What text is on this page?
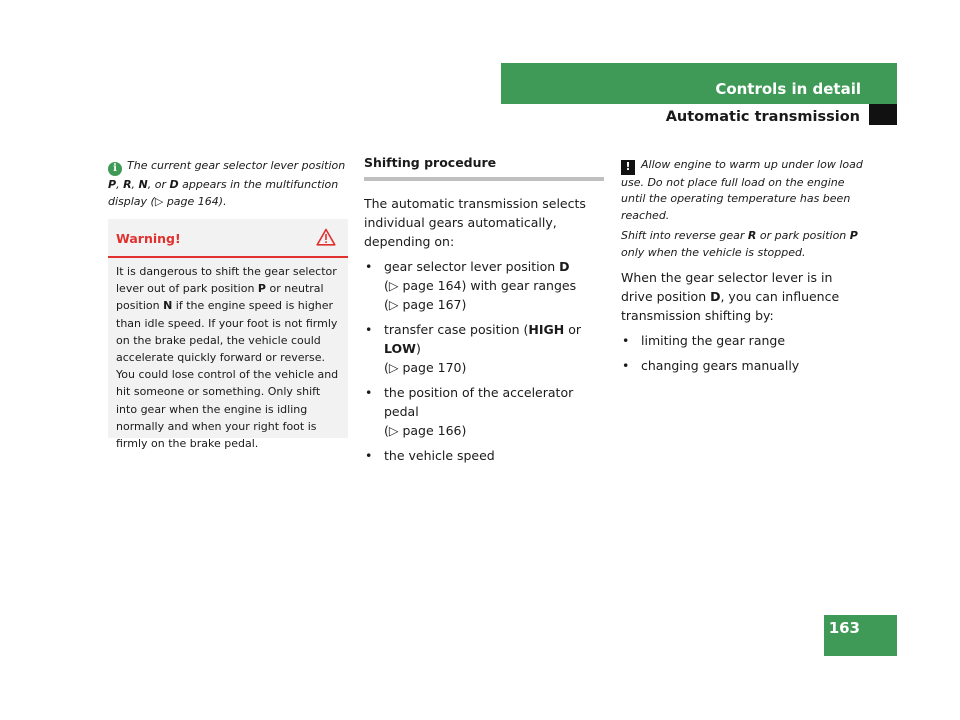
Controls in detail
Automatic transmission
i The current gear selector lever position P, R, N, or D appears in the multifunction display (▷ page 164).
Warning!
It is dangerous to shift the gear selector lever out of park position P or neutral position N if the engine speed is higher than idle speed. If your foot is not firmly on the brake pedal, the vehicle could accelerate quickly forward or reverse. You could lose control of the vehicle and hit someone or something. Only shift into gear when the engine is idling normally and when your right foot is firmly on the brake pedal.
Shifting procedure

The automatic transmission selects individual gears automatically, depending on:

• gear selector lever position D
(▷ page 164) with gear ranges
(▷ page 167)
• transfer case position (HIGH or LOW)
(▷ page 170)
• the position of the accelerator pedal
(▷ page 166)
• the vehicle speed

! Allow engine to warm up under low load use. Do not place full load on the engine until the operating temperature has been reached.

Shift into reverse gear R or park position P only when the vehicle is stopped.

When the gear selector lever is in drive position D, you can influence transmission shifting by:

• limiting the gear range
• changing gears manually
163
